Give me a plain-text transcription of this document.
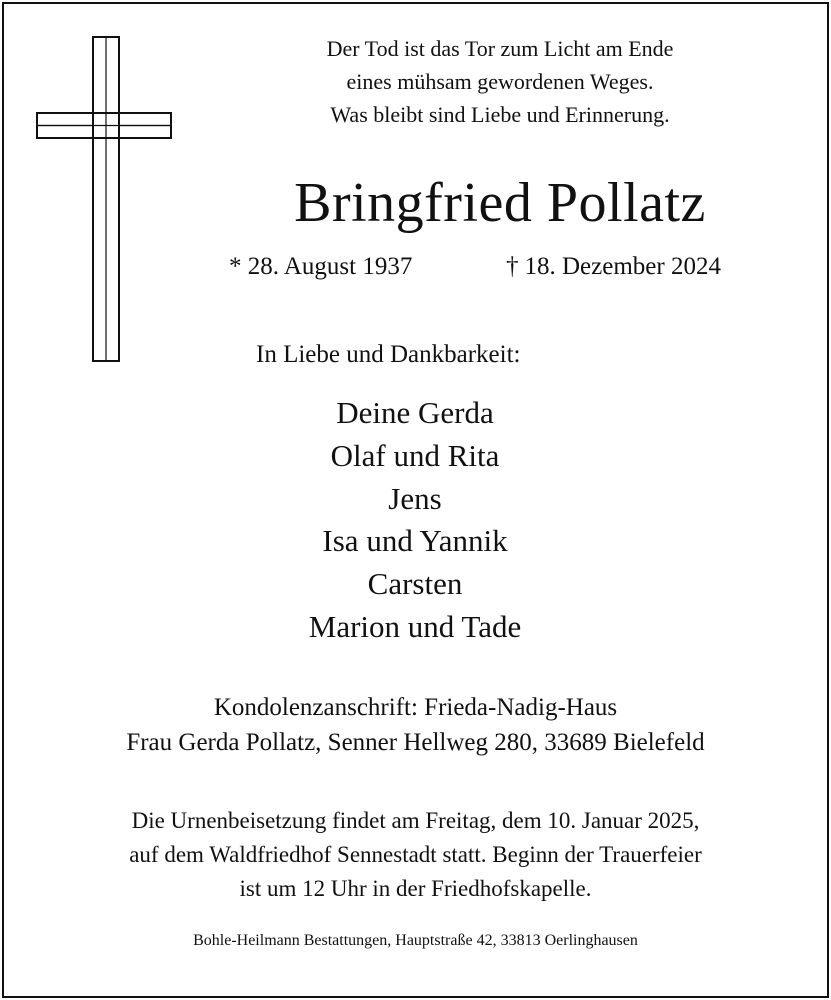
Der Tod ist das Tor zum Licht am Ende
eines mühsam gewordenen Weges.
Was bleibt sind Liebe und Erinnerung.
Bringfried Pollatz
* 28. August 1937	† 18. Dezember 2024
In Liebe und Dankbarkeit:
Deine Gerda
Olaf und Rita
Jens
Isa und Yannik
Carsten
Marion und Tade
Kondolenzanschrift: Frieda-Nadig-Haus
Frau Gerda Pollatz, Senner Hellweg 280, 33689 Bielefeld
Die Urnenbeisetzung findet am Freitag, dem 10. Januar 2025,
auf dem Waldfriedhof Sennestadt statt. Beginn der Trauerfeier
ist um 12 Uhr in der Friedhofskapelle.
Bohle-Heilmann Bestattungen, Hauptstraße 42, 33813 Oerlinghausen
